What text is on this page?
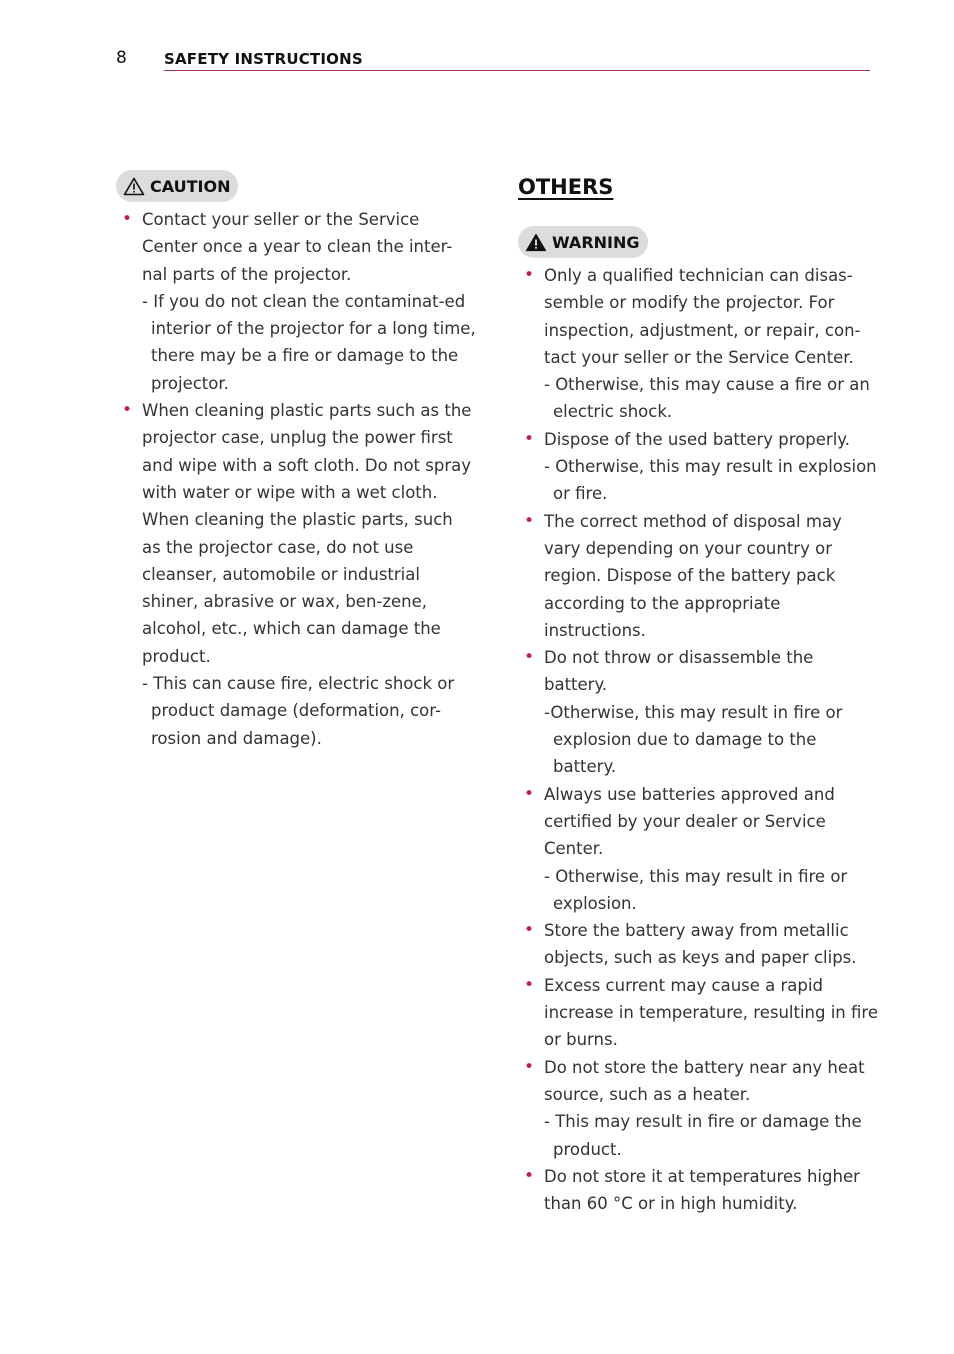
8 SAFETY INSTRUCTIONS
CAUTION
• Contact your seller or the Service Center once a year to clean the inter-nal parts of the projector.
- If you do not clean the contaminat-ed interior of the projector for a long time, there may be a fire or damage to the projector.
• When cleaning plastic parts such as the projector case, unplug the power first and wipe with a soft cloth. Do not spray with water or wipe with a wet cloth. When cleaning the plastic parts, such as the projector case, do not use cleanser, automobile or industrial shiner, abrasive or wax, ben-zene, alcohol, etc., which can damage the product.
- This can cause fire, electric shock or product damage (deformation, cor-rosion and damage).
OTHERS
WARNING
• Only a qualified technician can disas-semble or modify the projector. For inspection, adjustment, or repair, con-tact your seller or the Service Center.
- Otherwise, this may cause a fire or an electric shock.
• Dispose of the used battery properly.
- Otherwise, this may result in explosion or fire.
• The correct method of disposal may vary depending on your country or region. Dispose of the battery pack according to the appropriate instructions.
• Do not throw or disassemble the battery.
-Otherwise, this may result in fire or explosion due to damage to the battery.
• Always use batteries approved and certified by your dealer or Service Center.
- Otherwise, this may result in fire or explosion.
• Store the battery away from metallic objects, such as keys and paper clips.
• Excess current may cause a rapid increase in temperature, resulting in fire or burns.
• Do not store the battery near any heat source, such as a heater.
- This may result in fire or damage the product.
• Do not store it at temperatures higher than 60 °C or in high humidity.
